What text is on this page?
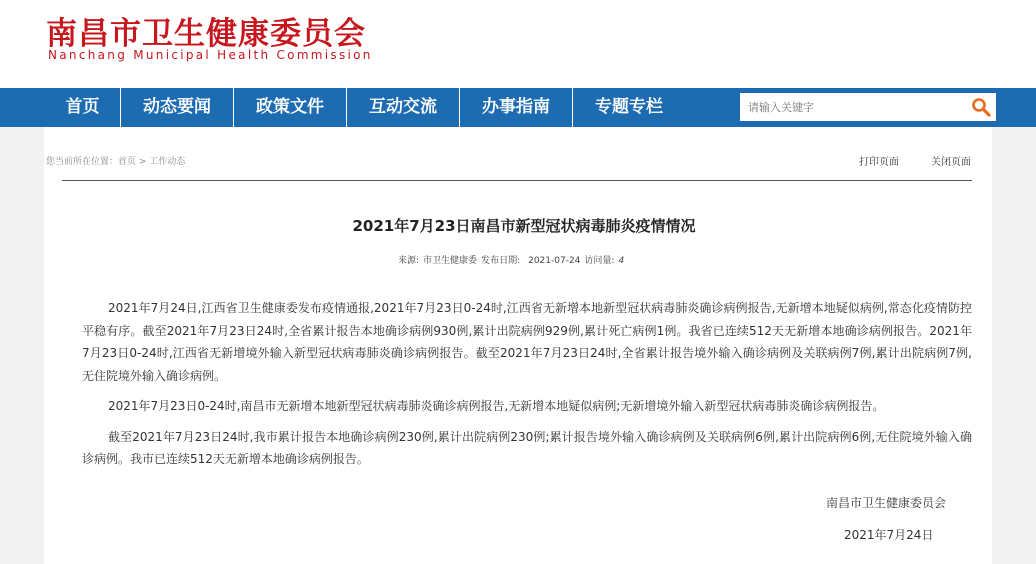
南昌市卫生健康委员会
Nanchang Municipal Health Commission
首页	动态要闻	政策文件	互动交流	办事指南	专题专栏
请输入关键字
您当前所在位置：首页 > 工作动态	打印页面	关闭页面
2021年7月23日南昌市新型冠状病毒肺炎疫情情况
来源: 市卫生健康委 发布日期: 2021-07-24 访问量: 4

2021年7月24日,江西省卫生健康委发布疫情通报,2021年7月23日0-24时,江西省无新增本地新型冠状病毒肺炎确诊病例报告,无新增本地疑似病例,常态化疫情防控平稳有序。截至2021年7月23日24时,全省累计报告本地确诊病例930例,累计出院病例929例,累计死亡病例1例。我省已连续512天无新增本地确诊病例报告。2021年7月23日0-24时,江西省无新增境外输入新型冠状病毒肺炎确诊病例报告。截至2021年7月23日24时,全省累计报告境外输入确诊病例及关联病例7例,累计出院病例7例,无住院境外输入确诊病例。

2021年7月23日0-24时,南昌市无新增本地新型冠状病毒肺炎确诊病例报告,无新增本地疑似病例;无新增境外输入新型冠状病毒肺炎确诊病例报告。

截至2021年7月23日24时,我市累计报告本地确诊病例230例,累计出院病例230例;累计报告境外输入确诊病例及关联病例6例,累计出院病例6例,无住院境外输入确诊病例。我市已连续512天无新增本地确诊病例报告。

南昌市卫生健康委员会
2021年7月24日
